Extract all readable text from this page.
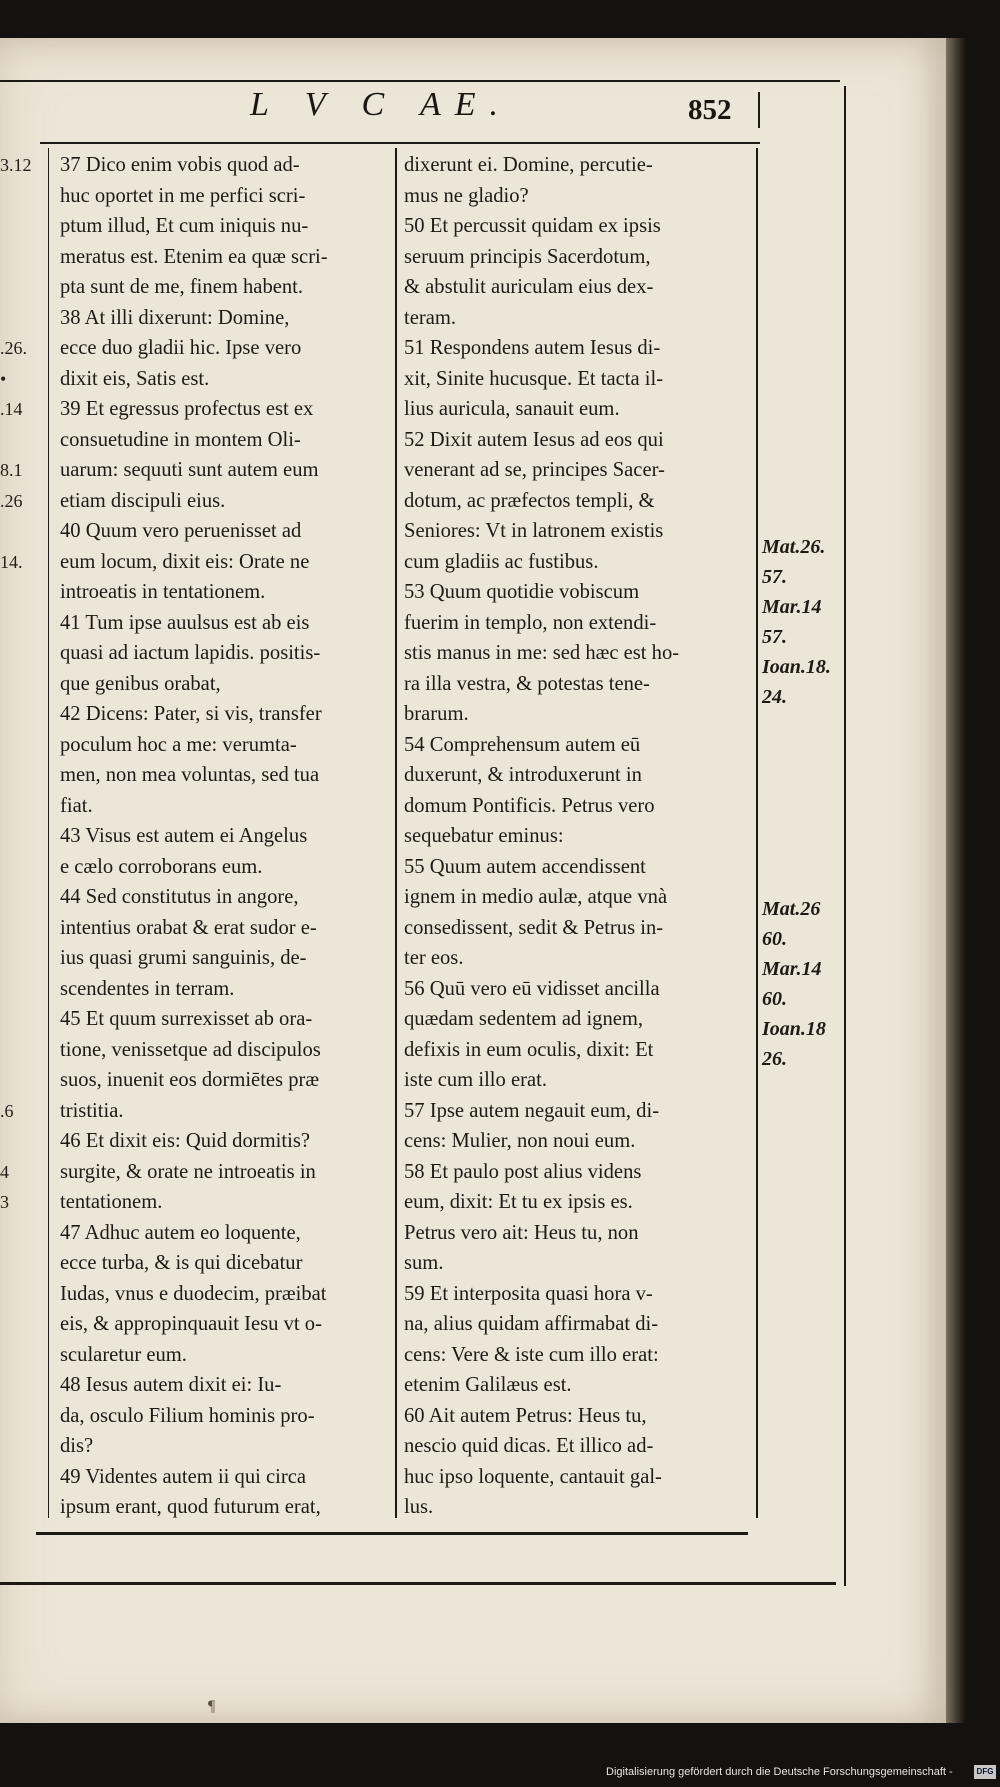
L V C AE.	852
3.12
.26.
•
.14
8.1
.26
14.
.6
4
3
37 Dico enim vobis quod ad-
huc oportet in me perfici scri-
ptum illud, Et cum iniquis nu-
meratus est. Etenim ea quæ scri-
pta sunt de me, finem habent.
38 At illi dixerunt: Domine,
ecce duo gladii hic. Ipse vero
dixit eis, Satis est.
39 Et egressus profectus est ex
consuetudine in montem Oli-
uarum: sequuti sunt autem eum
etiam discipuli eius.
40 Quum vero peruenisset ad
eum locum, dixit eis: Orate ne
introeatis in tentationem.
41 Tum ipse auulsus est ab eis
quasi ad iactum lapidis. positis-
que genibus orabat,
42 Dicens: Pater, si vis, transfer
poculum hoc a me: verumta-
men, non mea voluntas, sed tua
fiat.
43 Visus est autem ei Angelus
e cælo corroborans eum.
44 Sed constitutus in angore,
intentius orabat & erat sudor e-
ius quasi grumi sanguinis, de-
scendentes in terram.
45 Et quum surrexisset ab ora-
tione, venissetque ad discipulos
suos, inuenit eos dormiētes præ
tristitia.
46 Et dixit eis: Quid dormitis?
surgite, & orate ne introeatis in
tentationem.
47 Adhuc autem eo loquente,
ecce turba, & is qui dicebatur
Iudas, vnus e duodecim, præibat
eis, & appropinquauit Iesu vt o-
scularetur eum.
48 Iesus autem dixit ei: Iu-
da, osculo Filium hominis pro-
dis?
49 Videntes autem ii qui circa
ipsum erant, quod futurum erat,
dixerunt ei. Domine, percutie-
mus ne gladio?
50 Et percussit quidam ex ipsis
seruum principis Sacerdotum,
& abstulit auriculam eius dex-
teram.
51 Respondens autem Iesus di-
xit, Sinite hucusque. Et tacta il-
lius auricula, sanauit eum.
52 Dixit autem Iesus ad eos qui
venerant ad se, principes Sacer-
dotum, ac præfectos templi, &
Seniores: Vt in latronem existis
cum gladiis ac fustibus.
53 Quum quotidie vobiscum
fuerim in templo, non extendi-
stis manus in me: sed hæc est ho-
ra illa vestra, & potestas tene-
brarum.
54 Comprehensum autem eū
duxerunt, & introduxerunt in
domum Pontificis. Petrus vero
sequebatur eminus:
55 Quum autem accendissent
ignem in medio aulæ, atque vnà
consedissent, sedit & Petrus in-
ter eos.
56 Quū vero eū vidisset ancilla
quædam sedentem ad ignem,
defixis in eum oculis, dixit: Et
iste cum illo erat.
57 Ipse autem negauit eum, di-
cens: Mulier, non noui eum.
58 Et paulo post alius videns
eum, dixit: Et tu ex ipsis es.
Petrus vero ait: Heus tu, non
sum.
59 Et interposita quasi hora v-
na, alius quidam affirmabat di-
cens: Vere & iste cum illo erat:
etenim Galilæus est.
60 Ait autem Petrus: Heus tu,
nescio quid dicas. Et illico ad-
huc ipso loquente, cantauit gal-
lus.
Mat.26.
57.
Mar.14
57.
Ioan.18.
24.
Mat.26
60.
Mar.14
60.
Ioan.18
26.
¶
Digitalisierung gefördert durch die Deutsche Forschungsgemeinschaft -	DFG
